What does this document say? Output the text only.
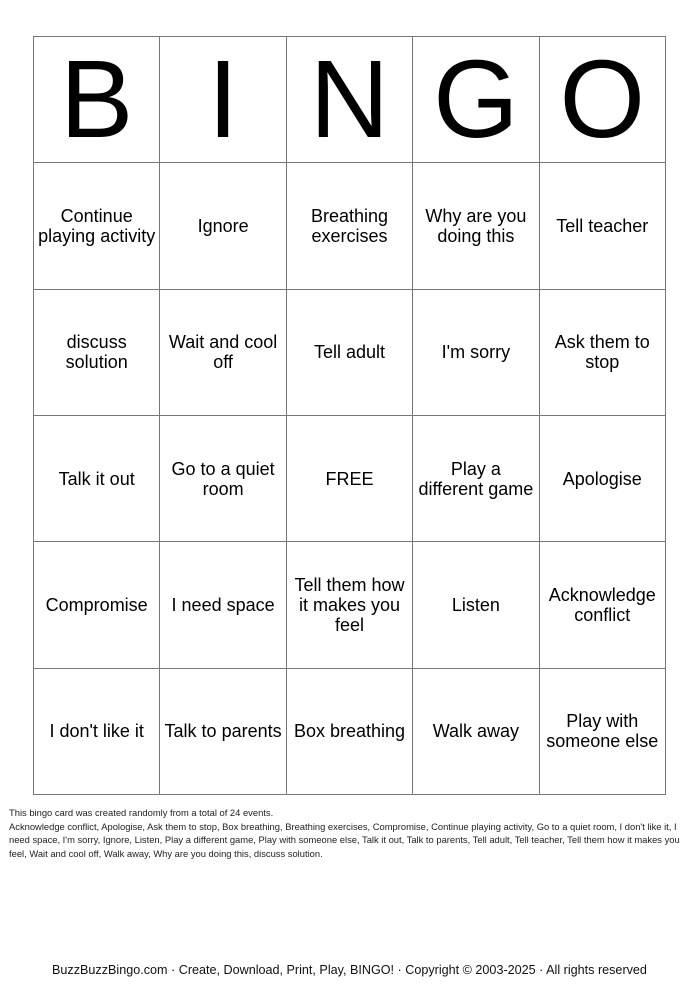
B	I	N	G	O
Continue playing activity	Ignore	Breathing exercises	Why are you doing this	Tell teacher
discuss solution	Wait and cool off	Tell adult	I'm sorry	Ask them to stop
Talk it out	Go to a quiet room	FREE	Play a different game	Apologise
Compromise	I need space	Tell them how it makes you feel	Listen	Acknowledge conflict
I don't like it	Talk to parents	Box breathing	Walk away	Play with someone else
This bingo card was created randomly from a total of 24 events.
Acknowledge conflict, Apologise, Ask them to stop, Box breathing, Breathing exercises, Compromise, Continue playing activity, Go to a quiet room, I don't like it, I need space, I'm sorry, Ignore, Listen, Play a different game, Play with someone else, Talk it out, Talk to parents, Tell adult, Tell teacher, Tell them how it makes you feel, Wait and cool off, Walk away, Why are you doing this, discuss solution.
BuzzBuzzBingo.com · Create, Download, Print, Play, BINGO! · Copyright © 2003-2025 · All rights reserved
